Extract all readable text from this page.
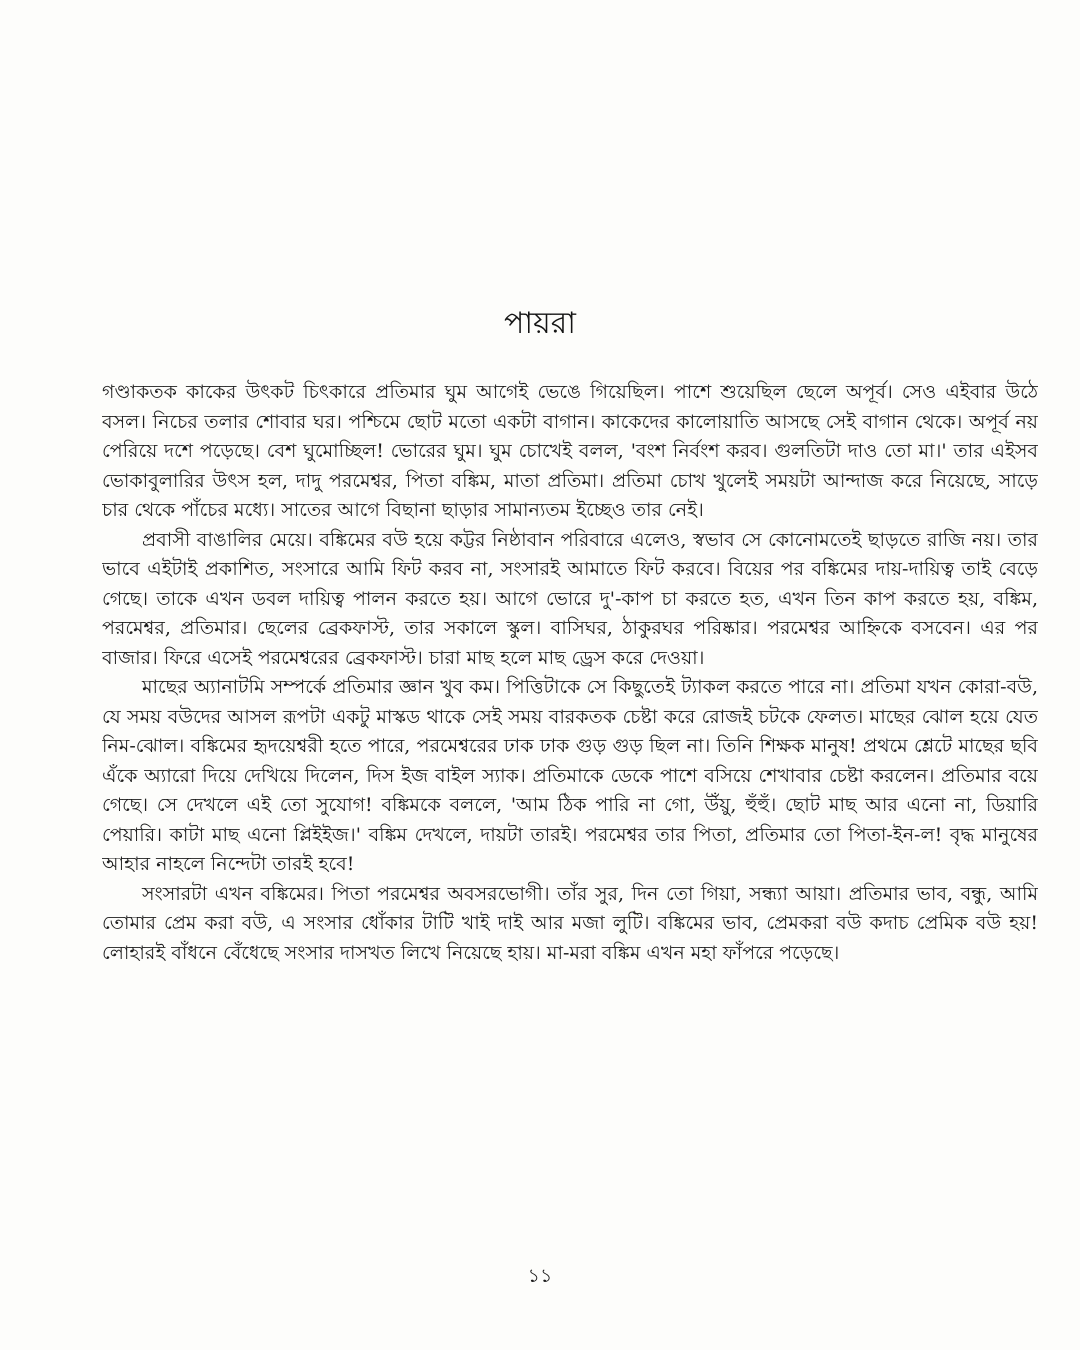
পায়রা

গণ্ডাকতক কাকের উৎকট চিৎকারে প্রতিমার ঘুম আগেই ভেঙে গিয়েছিল। পাশে শুয়েছিল ছেলে অপূর্ব। সেও এইবার উঠে বসল। নিচের তলার শোবার ঘর। পশ্চিমে ছোট মতো একটা বাগান। কাকেদের কালোয়াতি আসছে সেই বাগান থেকে। অপূর্ব নয় পেরিয়ে দশে পড়েছে। বেশ ঘুমোচ্ছিল! ভোরের ঘুম। ঘুম চোখেই বলল, 'বংশ নির্বংশ করব। গুলতিটা দাও তো মা।' তার এইসব ভোকাবুলারির উৎস হল, দাদু পরমেশ্বর, পিতা বঙ্কিম, মাতা প্রতিমা। প্রতিমা চোখ খুলেই সময়টা আন্দাজ করে নিয়েছে, সাড়ে চার থেকে পাঁচের মধ্যে। সাতের আগে বিছানা ছাড়ার সামান্যতম ইচ্ছেও তার নেই।

প্রবাসী বাঙালির মেয়ে। বঙ্কিমের বউ হয়ে কট্টর নিষ্ঠাবান পরিবারে এলেও, স্বভাব সে কোনোমতেই ছাড়তে রাজি নয়। তার ভাবে এইটাই প্রকাশিত, সংসারে আমি ফিট করব না, সংসারই আমাতে ফিট করবে। বিয়ের পর বঙ্কিমের দায়-দায়িত্ব তাই বেড়ে গেছে। তাকে এখন ডবল দায়িত্ব পালন করতে হয়। আগে ভোরে দু'-কাপ চা করতে হত, এখন তিন কাপ করতে হয়, বঙ্কিম, পরমেশ্বর, প্রতিমার। ছেলের ব্রেকফাস্ট, তার সকালে স্কুল। বাসিঘর, ঠাকুরঘর পরিষ্কার। পরমেশ্বর আহ্নিকে বসবেন। এর পর বাজার। ফিরে এসেই পরমেশ্বরের ব্রেকফাস্ট। চারা মাছ হলে মাছ ড্রেস করে দেওয়া।

মাছের অ্যানাটমি সম্পর্কে প্রতিমার জ্ঞান খুব কম। পিত্তিটাকে সে কিছুতেই ট্যাকল করতে পারে না। প্রতিমা যখন কোরা-বউ, যে সময় বউদের আসল রূপটা একটু মাস্কড থাকে সেই সময় বারকতক চেষ্টা করে রোজই চটকে ফেলত। মাছের ঝোল হয়ে যেত নিম-ঝোল। বঙ্কিমের হৃদয়েশ্বরী হতে পারে, পরমেশ্বরের ঢাক ঢাক গুড় গুড় ছিল না। তিনি শিক্ষক মানুষ! প্রথমে শ্লেটে মাছের ছবি এঁকে অ্যারো দিয়ে দেখিয়ে দিলেন, দিস ইজ বাইল স্যাক। প্রতিমাকে ডেকে পাশে বসিয়ে শেখাবার চেষ্টা করলেন। প্রতিমার বয়ে গেছে। সে দেখলে এই তো সুযোগ! বঙ্কিমকে বললে, 'আম ঠিক পারি না গো, উঁয়ু, হুঁহুঁ। ছোট মাছ আর এনো না, ডিয়ারি পেয়ারি। কাটা মাছ এনো প্লিইইজ।' বঙ্কিম দেখলে, দায়টা তারই। পরমেশ্বর তার পিতা, প্রতিমার তো পিতা-ইন-ল! বৃদ্ধ মানুষের আহার নাহলে নিন্দেটা তারই হবে!

সংসারটা এখন বঙ্কিমের। পিতা পরমেশ্বর অবসরভোগী। তাঁর সুর, দিন তো গিয়া, সন্ধ্যা আয়া। প্রতিমার ভাব, বন্ধু, আমি তোমার প্রেম করা বউ, এ সংসার ধোঁকার টাটি খাই দাই আর মজা লুটি। বঙ্কিমের ভাব, প্রেমকরা বউ কদাচ প্রেমিক বউ হয়! লোহারই বাঁধনে বেঁধেছে সংসার দাসখত লিখে নিয়েছে হায়। মা-মরা বঙ্কিম এখন মহা ফাঁপরে পড়েছে।

১১
